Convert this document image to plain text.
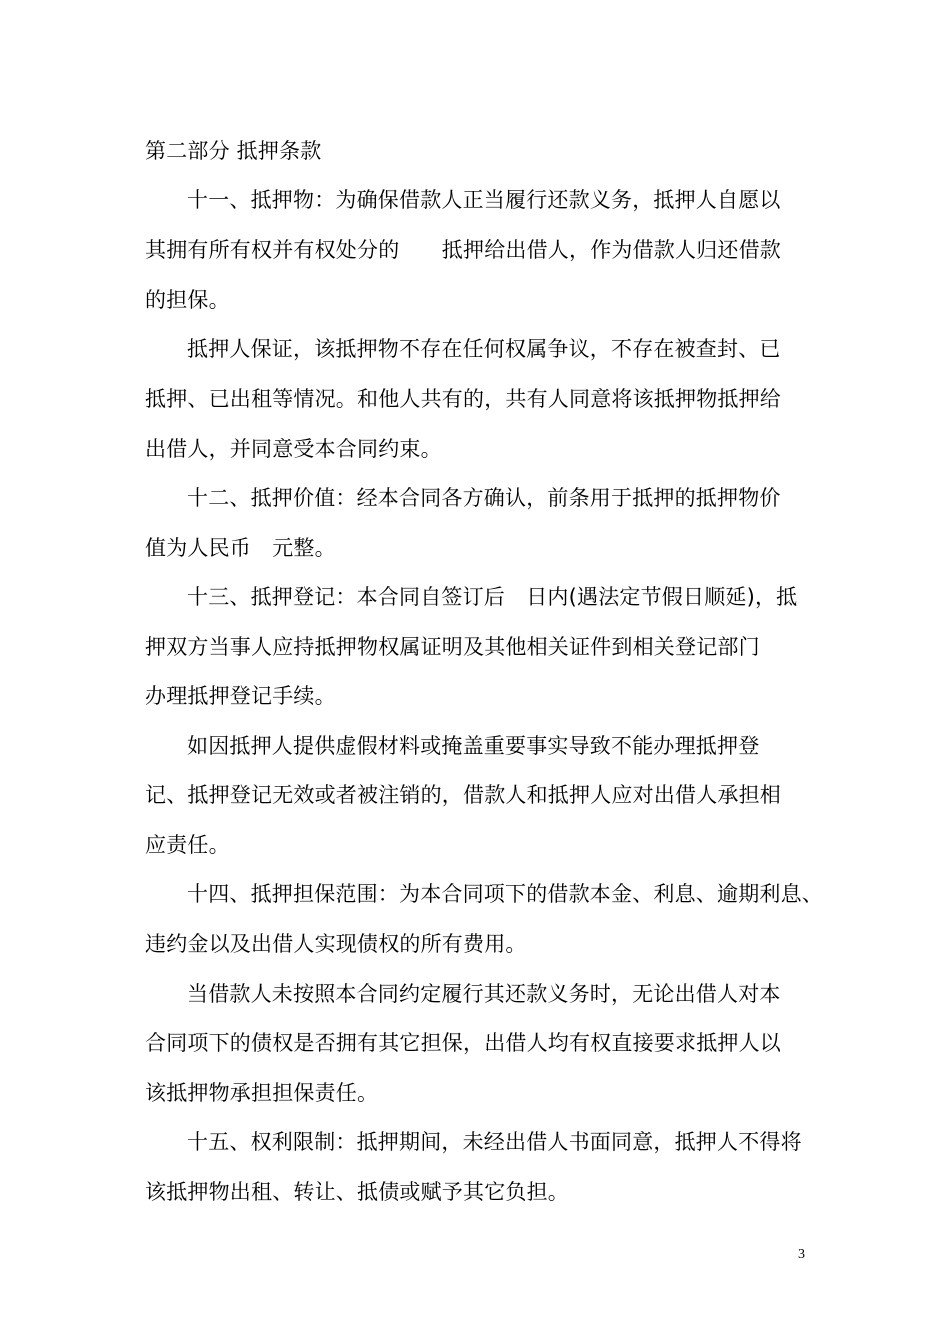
第二部分 抵押条款
十一、抵押物：为确保借款人正当履行还款义务，抵押人自愿以
其拥有所有权并有权处分的　　抵押给出借人，作为借款人归还借款
的担保。
抵押人保证，该抵押物不存在任何权属争议，不存在被查封、已
抵押、已出租等情况。和他人共有的，共有人同意将该抵押物抵押给
出借人，并同意受本合同约束。
十二、抵押价值：经本合同各方确认，前条用于抵押的抵押物价
值为人民币　元整。
十三、抵押登记：本合同自签订后　日内(遇法定节假日顺延)，抵
押双方当事人应持抵押物权属证明及其他相关证件到相关登记部门
办理抵押登记手续。
如因抵押人提供虚假材料或掩盖重要事实导致不能办理抵押登
记、抵押登记无效或者被注销的，借款人和抵押人应对出借人承担相
应责任。
十四、抵押担保范围：为本合同项下的借款本金、利息、逾期利息、
违约金以及出借人实现债权的所有费用。
当借款人未按照本合同约定履行其还款义务时，无论出借人对本
合同项下的债权是否拥有其它担保，出借人均有权直接要求抵押人以
该抵押物承担担保责任。
十五、权利限制：抵押期间，未经出借人书面同意，抵押人不得将
该抵押物出租、转让、抵债或赋予其它负担。
3
